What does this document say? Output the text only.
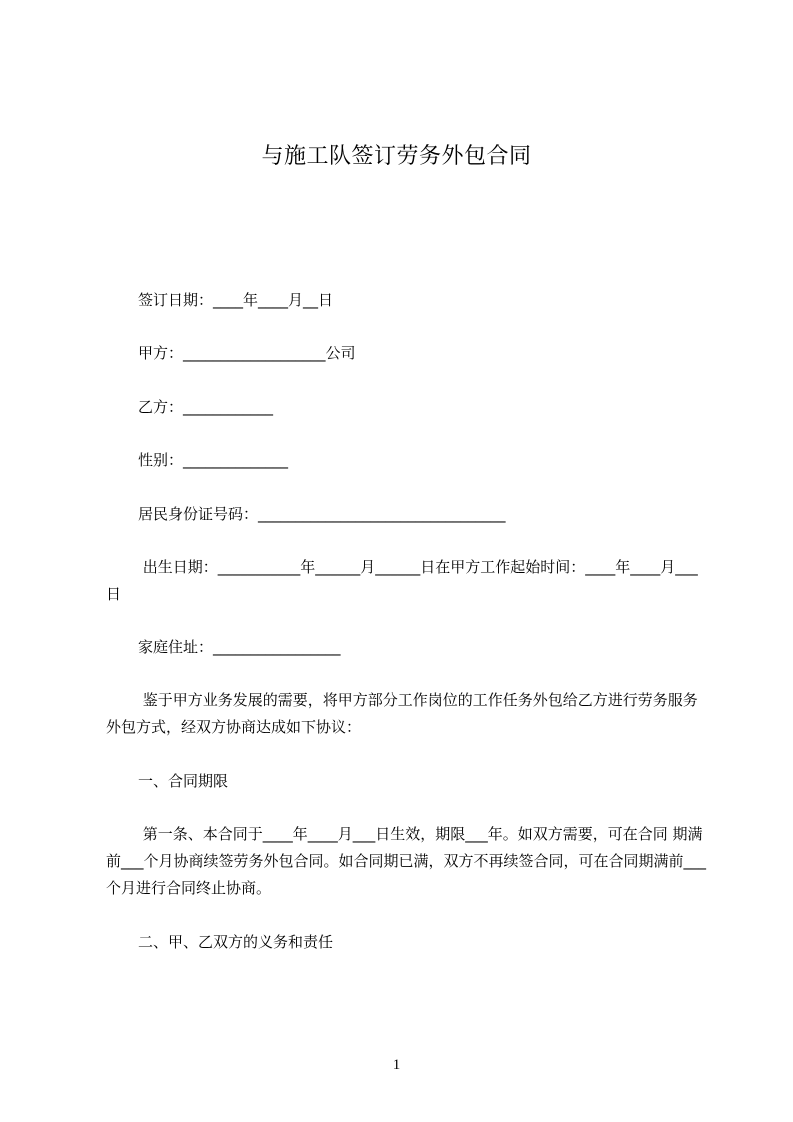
与施工队签订劳务外包合同
签订日期：____年____月__日
甲方：___________________公司
乙方：____________
性别：______________
居民身份证号码：_________________________________
出生日期：___________年______月______日在甲方工作起始时间：____年____月___日
家庭住址：_________________
鉴于甲方业务发展的需要，将甲方部分工作岗位的工作任务外包给乙方进行劳务服务外包方式，经双方协商达成如下协议：
一、合同期限
第一条、本合同于____年____月___日生效，期限___年。如双方需要，可在合同 期满前___个月协商续签劳务外包合同。如合同期已满，双方不再续签合同，可在合同期满前___个月进行合同终止协商。
二、甲、乙双方的义务和责任
1
